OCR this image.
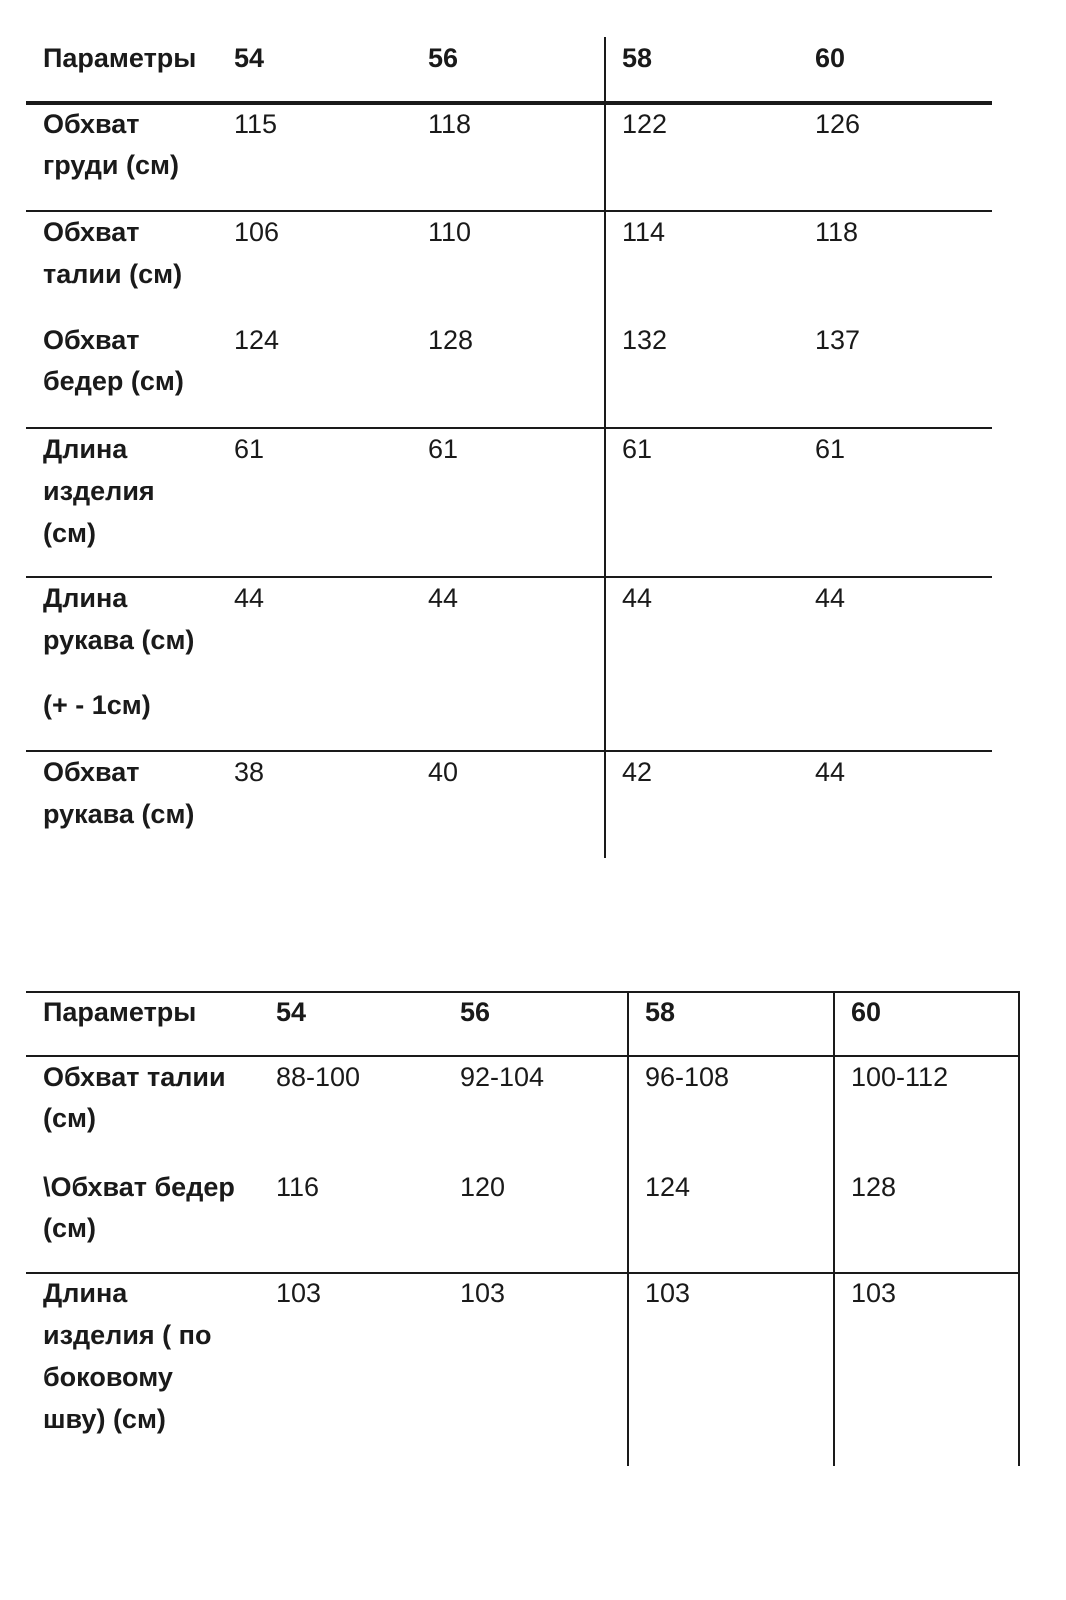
Параметры 54	56	58	60
Обхват
груди (см)
115	118	122	126
Обхват
талии (см)
106	110	114	118
Обхват
бедер (см)
124	128	132	137
Длина
изделия
(см)
61	61	61	61
Длина
рукава (см)
(+ - 1см)
44	44	44	44
Обхват
рукава (см)
38	40	42	44
Параметры	54	56	58	60
Обхват талии
(см)
88-100	92-104	96-108	100-112
\Обхват бедер
(см)
116	120	124	128
Длина
изделия ( по
боковому
шву) (см)
103	103	103	103
